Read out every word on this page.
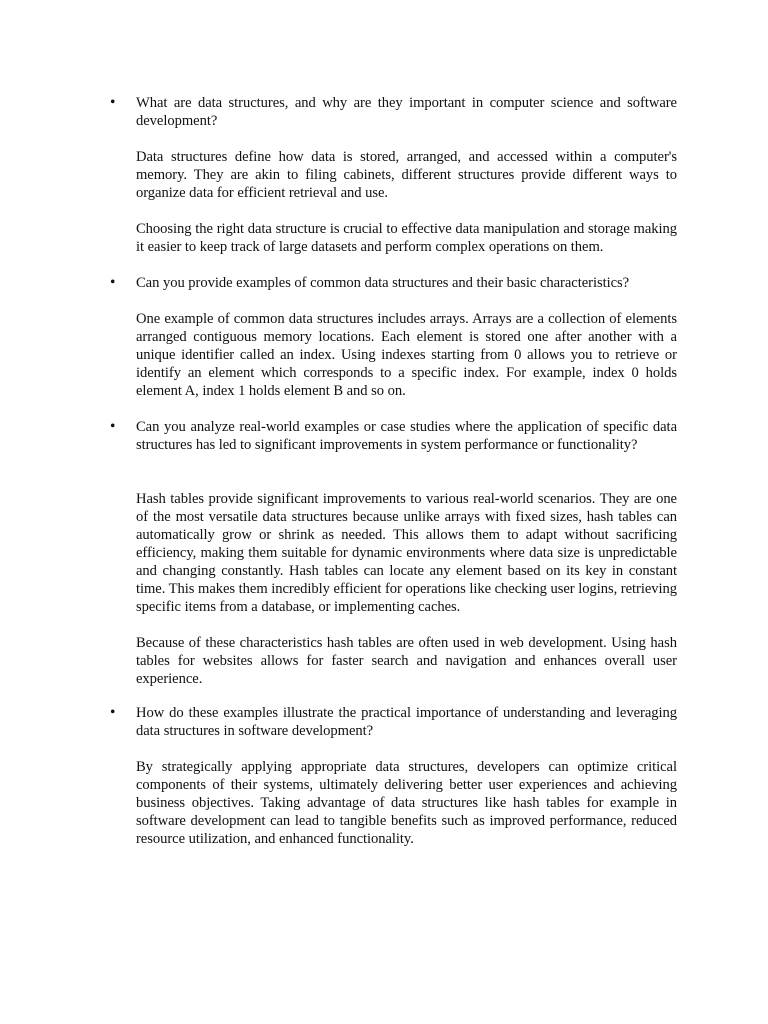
• What are data structures, and why are they important in computer science and software development?

Data structures define how data is stored, arranged, and accessed within a computer's memory. They are akin to filing cabinets, different structures provide different ways to organize data for efficient retrieval and use.

Choosing the right data structure is crucial to effective data manipulation and storage making it easier to keep track of large datasets and perform complex operations on them.

• Can you provide examples of common data structures and their basic characteristics?

One example of common data structures includes arrays. Arrays are a collection of elements arranged contiguous memory locations. Each element is stored one after another with a unique identifier called an index. Using indexes starting from 0 allows you to retrieve or identify an element which corresponds to a specific index. For example, index 0 holds element A, index 1 holds element B and so on.

• Can you analyze real-world examples or case studies where the application of specific data structures has led to significant improvements in system performance or functionality?

Hash tables provide significant improvements to various real-world scenarios. They are one of the most versatile data structures because unlike arrays with fixed sizes, hash tables can automatically grow or shrink as needed. This allows them to adapt without sacrificing efficiency, making them suitable for dynamic environments where data size is unpredictable and changing constantly. Hash tables can locate any element based on its key in constant time. This makes them incredibly efficient for operations like checking user logins, retrieving specific items from a database, or implementing caches.

Because of these characteristics hash tables are often used in web development. Using hash tables for websites allows for faster search and navigation and enhances overall user experience.

• How do these examples illustrate the practical importance of understanding and leveraging data structures in software development?

By strategically applying appropriate data structures, developers can optimize critical components of their systems, ultimately delivering better user experiences and achieving business objectives. Taking advantage of data structures like hash tables for example in software development can lead to tangible benefits such as improved performance, reduced resource utilization, and enhanced functionality.
